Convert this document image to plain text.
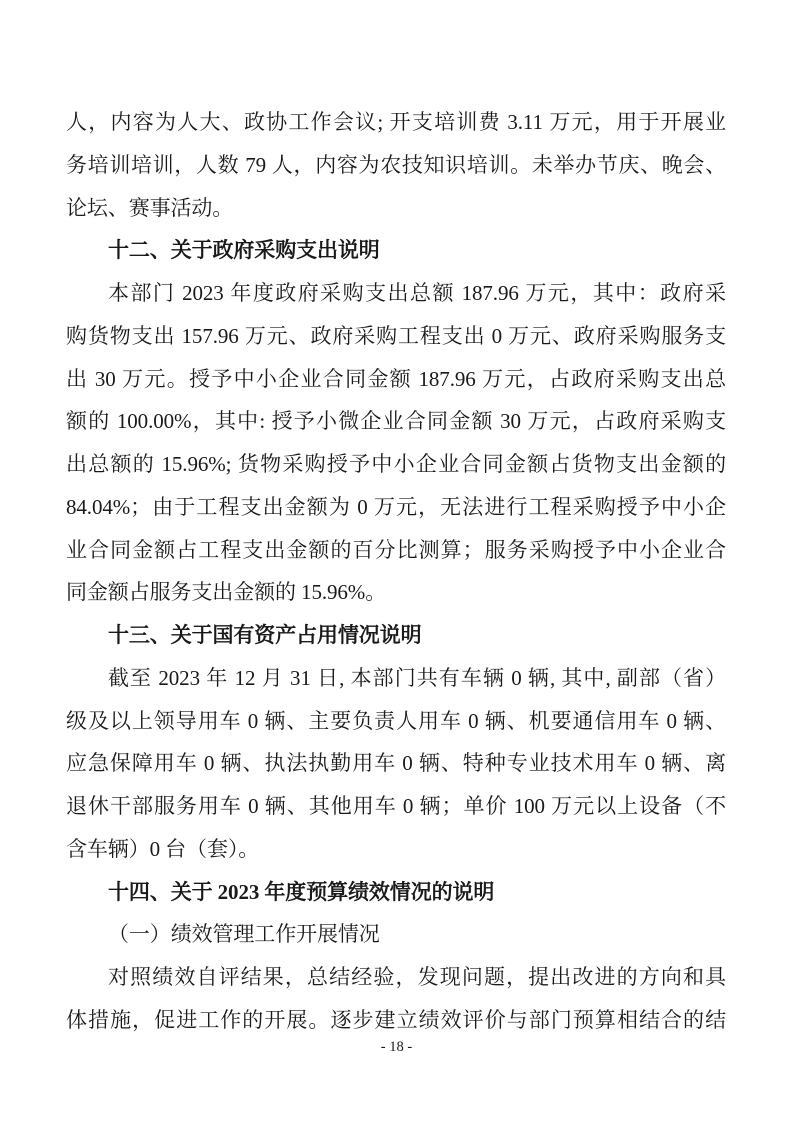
人，内容为人大、政协工作会议; 开支培训费 3.11 万元，用于开展业
务培训培训，人数 79 人，内容为农技知识培训。未举办节庆、晚会、
论坛、赛事活动。
十二、关于政府采购支出说明
本部门 2023 年度政府采购支出总额 187.96 万元，其中：政府采
购货物支出 157.96 万元、政府采购工程支出 0 万元、政府采购服务支
出 30 万元。授予中小企业合同金额 187.96 万元，占政府采购支出总
额的 100.00%，其中: 授予小微企业合同金额 30 万元，占政府采购支
出总额的 15.96%; 货物采购授予中小企业合同金额占货物支出金额的
84.04%；由于工程支出金额为 0 万元，无法进行工程采购授予中小企
业合同金额占工程支出金额的百分比测算；服务采购授予中小企业合
同金额占服务支出金额的 15.96%。
十三、关于国有资产占用情况说明
截至 2023 年 12 月 31 日, 本部门共有车辆 0 辆, 其中, 副部（省）
级及以上领导用车 0 辆、主要负责人用车 0 辆、机要通信用车 0 辆、
应急保障用车 0 辆、执法执勤用车 0 辆、特种专业技术用车 0 辆、离
退休干部服务用车 0 辆、其他用车 0 辆；单价 100 万元以上设备（不
含车辆）0 台（套）。
十四、关于 2023 年度预算绩效情况的说明
（一）绩效管理工作开展情况
对照绩效自评结果，总结经验，发现问题，提出改进的方向和具
体措施，促进工作的开展。逐步建立绩效评价与部门预算相结合的结
- 18 -
